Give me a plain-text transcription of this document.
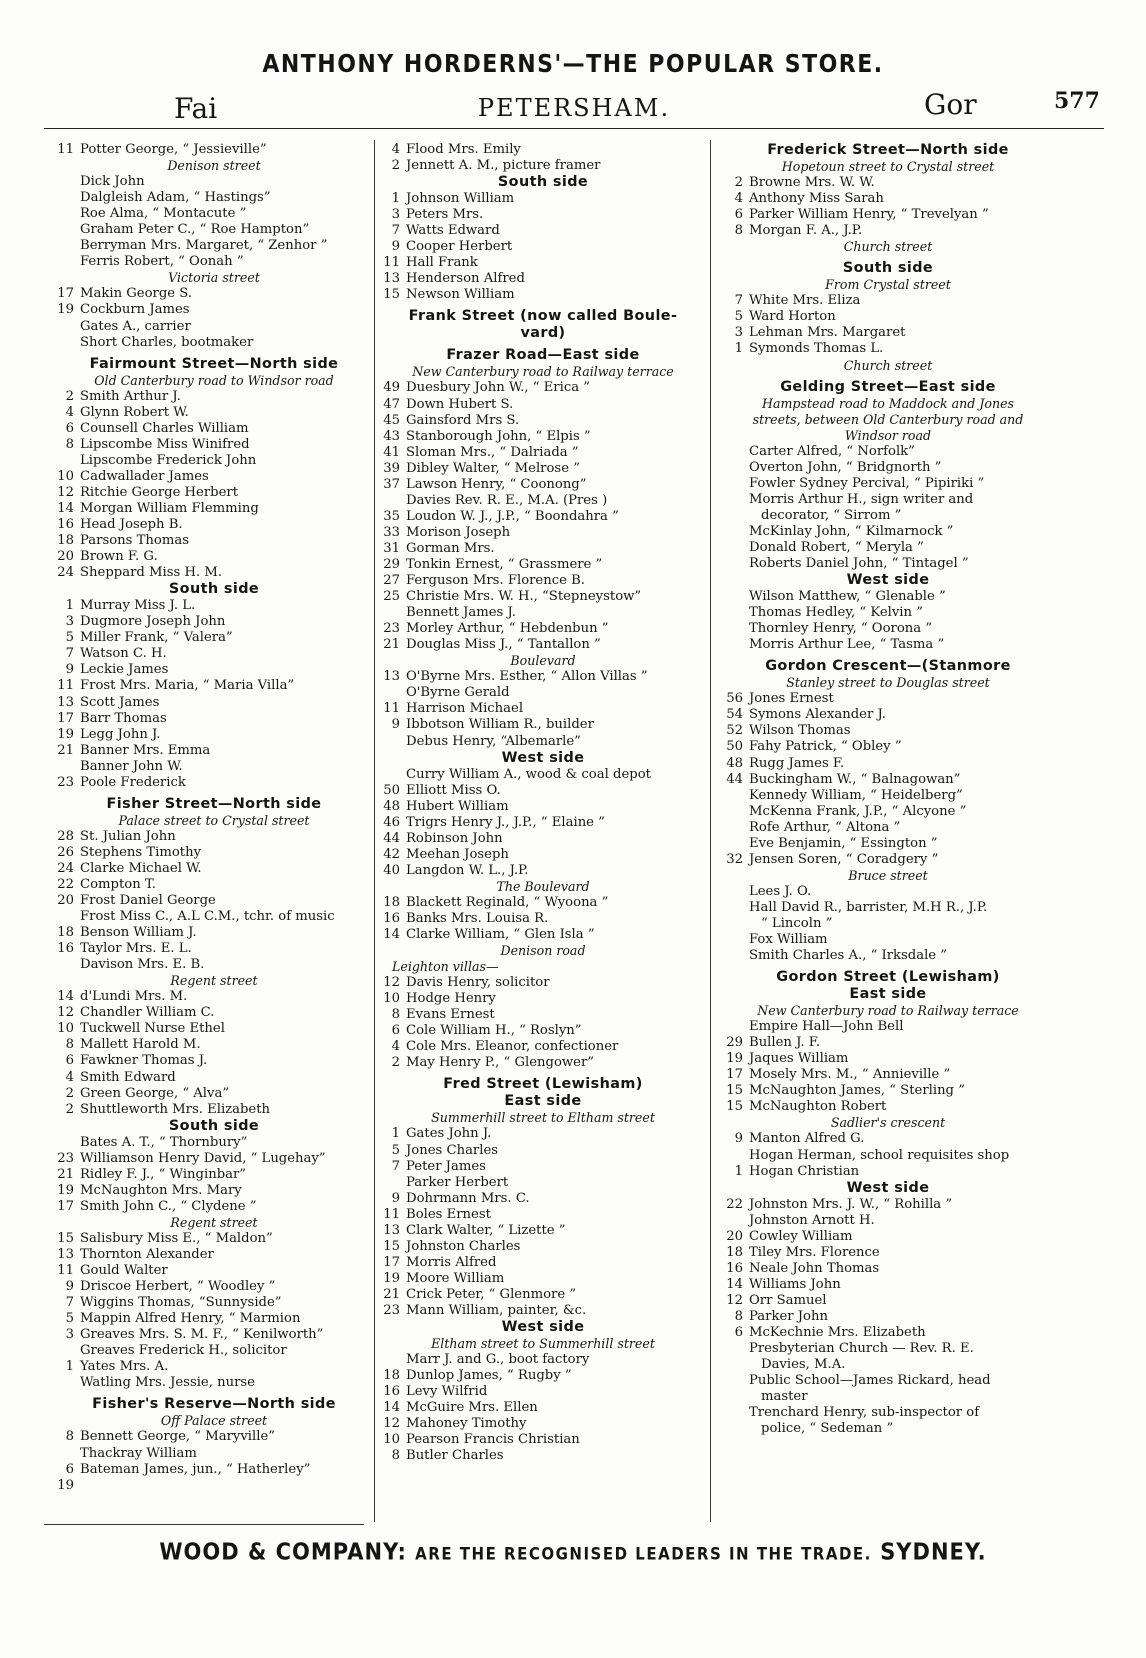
ANTHONY HORDERNS'—THE POPULAR STORE.
Fai	PETERSHAM.	Gor	577
11 Potter George, “ Jessieville”
Denison street
Dick John
Dalgleish Adam, “ Hastings”
Roe Alma, “ Montacute ”
Graham Peter C., “ Roe Hampton”
Berryman Mrs. Margaret, “ Zenhor ”
Ferris Robert, “ Oonah ”
Victoria street
17 Makin George S.
19 Cockburn James
Gates A., carrier
Short Charles, bootmaker
Fairmount Street—North side
Old Canterbury road to Windsor road
2 Smith Arthur J.
4 Glynn Robert W.
6 Counsell Charles William
8 Lipscombe Miss Winifred
Lipscombe Frederick John
10 Cadwallader James
12 Ritchie George Herbert
14 Morgan William Flemming
16 Head Joseph B.
18 Parsons Thomas
20 Brown F. G.
24 Sheppard Miss H. M.
South side
1 Murray Miss J. L.
3 Dugmore Joseph John
5 Miller Frank, “ Valera”
7 Watson C. H.
9 Leckie James
11 Frost Mrs. Maria, “ Maria Villa”
13 Scott James
17 Barr Thomas
19 Legg John J.
21 Banner Mrs. Emma
Banner John W.
23 Poole Frederick
Fisher Street—North side
Palace street to Crystal street
28 St. Julian John
26 Stephens Timothy
24 Clarke Michael W.
22 Compton T.
20 Frost Daniel George
Frost Miss C., A.L C.M., tchr. of music
18 Benson William J.
16 Taylor Mrs. E. L.
Davison Mrs. E. B.
Regent street
14 d'Lundi Mrs. M.
12 Chandler William C.
10 Tuckwell Nurse Ethel
8 Mallett Harold M.
6 Fawkner Thomas J.
4 Smith Edward
2 Green George, “ Alva”
2 Shuttleworth Mrs. Elizabeth
South side
Bates A. T., “ Thornbury”
23 Williamson Henry David, “ Lugehay”
21 Ridley F. J., “ Winginbar”
19 McNaughton Mrs. Mary
17 Smith John C., “ Clydene ”
Regent street
15 Salisbury Miss E., “ Maldon”
13 Thornton Alexander
11 Gould Walter
9 Driscoe Herbert, “ Woodley ”
7 Wiggins Thomas, “Sunnyside”
5 Mappin Alfred Henry, “ Marmion
3 Greaves Mrs. S. M. F., “ Kenilworth”
Greaves Frederick H., solicitor
1 Yates Mrs. A.
Watling Mrs. Jessie, nurse
Fisher's Reserve—North side
Off Palace street
8 Bennett George, “ Maryville”
Thackray William
6 Bateman James, jun., “ Hatherley”
19
4 Flood Mrs. Emily
2 Jennett A. M., picture framer
South side
1 Johnson William
3 Peters Mrs.
7 Watts Edward
9 Cooper Herbert
11 Hall Frank
13 Henderson Alfred
15 Newson William
Frank Street (now called Boule-
vard)
Frazer Road—East side
New Canterbury road to Railway terrace
49 Duesbury John W., “ Erica ”
47 Down Hubert S.
45 Gainsford Mrs S.
43 Stanborough John, “ Elpis ”
41 Sloman Mrs., “ Dalriada ”
39 Dibley Walter, “ Melrose ”
37 Lawson Henry, “ Coonong”
Davies Rev. R. E., M.A. (Pres )
35 Loudon W. J., J.P., “ Boondahra ”
33 Morison Joseph
31 Gorman Mrs.
29 Tonkin Ernest, “ Grassmere ”
27 Ferguson Mrs. Florence B.
25 Christie Mrs. W. H., “Stepneystow”
Bennett James J.
23 Morley Arthur, “ Hebdenbun ”
21 Douglas Miss J., “ Tantallon ”
Boulevard
13 O'Byrne Mrs. Esther, “ Allon Villas ”
O'Byrne Gerald
11 Harrison Michael
9 Ibbotson William R., builder
Debus Henry, “Albemarle”
West side
Curry William A., wood & coal depot
50 Elliott Miss O.
48 Hubert William
46 Trigrs Henry J., J.P., “ Elaine ”
44 Robinson John
42 Meehan Joseph
40 Langdon W. L., J.P.
The Boulevard
18 Blackett Reginald, “ Wyoona ”
16 Banks Mrs. Louisa R.
14 Clarke William, “ Glen Isla ”
Denison road
Leighton villas—
12 Davis Henry, solicitor
10 Hodge Henry
8 Evans Ernest
6 Cole William H., “ Roslyn”
4 Cole Mrs. Eleanor, confectioner
2 May Henry P., “ Glengower”
Fred Street (Lewisham)
East side
Summerhill street to Eltham street
1 Gates John J.
5 Jones Charles
7 Peter James
Parker Herbert
9 Dohrmann Mrs. C.
11 Boles Ernest
13 Clark Walter, “ Lizette ”
15 Johnston Charles
17 Morris Alfred
19 Moore William
21 Crick Peter, “ Glenmore ”
23 Mann William, painter, &c.
West side
Eltham street to Summerhill street
Marr J. and G., boot factory
18 Dunlop James, “ Rugby ”
16 Levy Wilfrid
14 McGuire Mrs. Ellen
12 Mahoney Timothy
10 Pearson Francis Christian
8 Butler Charles
Frederick Street—North side
Hopetoun street to Crystal street
2 Browne Mrs. W. W.
4 Anthony Miss Sarah
6 Parker William Henry, “ Trevelyan ”
8 Morgan F. A., J.P.
Church street
South side
From Crystal street
7 White Mrs. Eliza
5 Ward Horton
3 Lehman Mrs. Margaret
1 Symonds Thomas L.
Church street
Gelding Street—East side
Hampstead road to Maddock and Jones
streets, between Old Canterbury road and
Windsor road
Carter Alfred, “ Norfolk”
Overton John, “ Bridgnorth ”
Fowler Sydney Percival, “ Pipiriki ”
Morris Arthur H., sign writer and
decorator, “ Sirrom ”
McKinlay John, “ Kilmarnock ”
Donald Robert, “ Meryla ”
Roberts Daniel John, “ Tintagel ”
West side
Wilson Matthew, “ Glenable ”
Thomas Hedley, “ Kelvin ”
Thornley Henry, “ Oorona ”
Morris Arthur Lee, “ Tasma ”
Gordon Crescent—(Stanmore
Stanley street to Douglas street
56 Jones Ernest
54 Symons Alexander J.
52 Wilson Thomas
50 Fahy Patrick, “ Obley ”
48 Rugg James F.
44 Buckingham W., “ Balnagowan”
Kennedy William, “ Heidelberg”
McKenna Frank, J.P., “ Alcyone ”
Rofe Arthur, “ Altona ”
Eve Benjamin, “ Essington ”
32 Jensen Soren, “ Coradgery ”
Bruce street
Lees J. O.
Hall David R., barrister, M.H R., J.P.
“ Lincoln ”
Fox William
Smith Charles A., “ Irksdale ”
Gordon Street (Lewisham)
East side
New Canterbury road to Railway terrace
Empire Hall—John Bell
29 Bullen J. F.
19 Jaques William
17 Mosely Mrs. M., “ Annieville ”
15 McNaughton James, “ Sterling ”
15 McNaughton Robert
Sadlier's crescent
9 Manton Alfred G.
Hogan Herman, school requisites shop
1 Hogan Christian
West side
22 Johnston Mrs. J. W., “ Rohilla ”
Johnston Arnott H.
20 Cowley William
18 Tiley Mrs. Florence
16 Neale John Thomas
14 Williams John
12 Orr Samuel
8 Parker John
6 McKechnie Mrs. Elizabeth
Presbyterian Church — Rev. R. E.
Davies, M.A.
Public School—James Rickard, head
master
Trenchard Henry, sub-inspector of
police, “ Sedeman ”
WOOD & COMPANY: ARE THE RECOGNISED LEADERS IN THE TRADE. SYDNEY.
